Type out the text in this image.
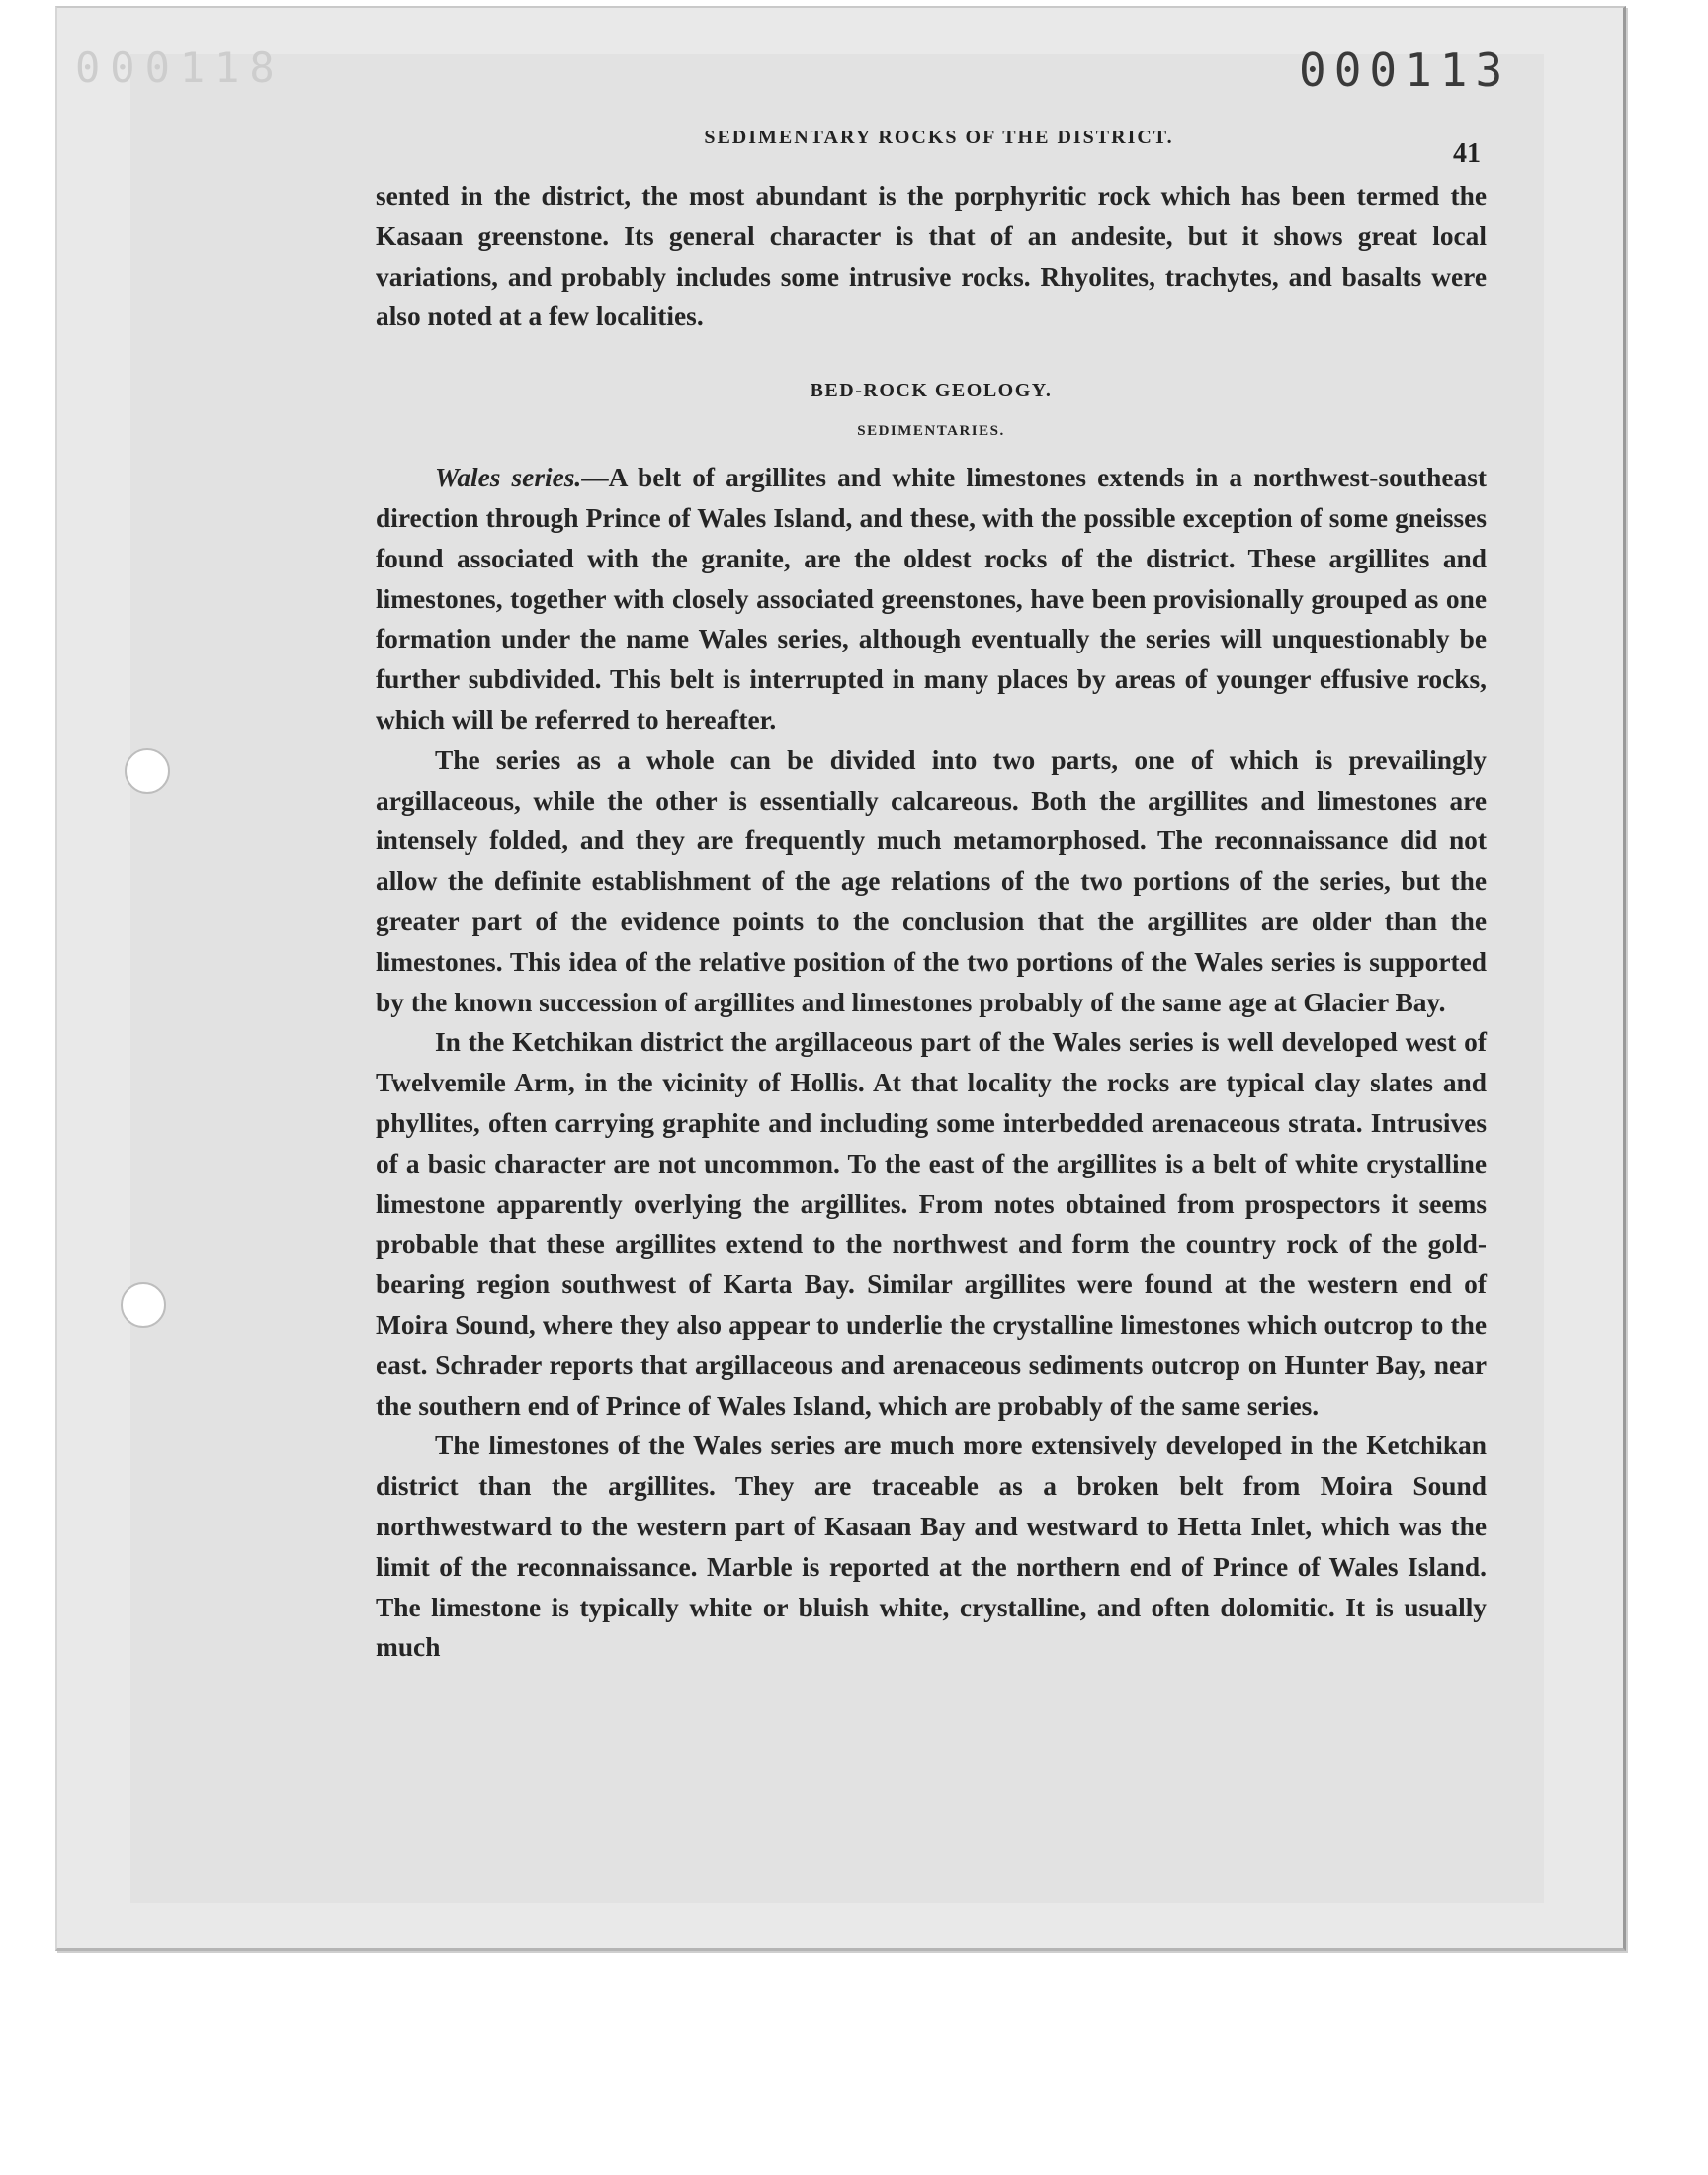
000118	000113
SEDIMENTARY ROCKS OF THE DISTRICT.
41

sented in the district, the most abundant is the porphyritic rock which has been termed the Kasaan greenstone. Its general character is that of an andesite, but it shows great local variations, and probably includes some intrusive rocks. Rhyolites, trachytes, and basalts were also noted at a few localities.

BED-ROCK GEOLOGY.
SEDIMENTARIES.

Wales series.—A belt of argillites and white limestones extends in a northwest-southeast direction through Prince of Wales Island, and these, with the possible exception of some gneisses found associated with the granite, are the oldest rocks of the district. These argillites and limestones, together with closely associated greenstones, have been provisionally grouped as one formation under the name Wales series, although eventually the series will unquestionably be further subdivided. This belt is interrupted in many places by areas of younger effusive rocks, which will be referred to hereafter.

The series as a whole can be divided into two parts, one of which is prevailingly argillaceous, while the other is essentially calcareous. Both the argillites and limestones are intensely folded, and they are frequently much metamorphosed. The reconnaissance did not allow the definite establishment of the age relations of the two portions of the series, but the greater part of the evidence points to the conclusion that the argillites are older than the limestones. This idea of the relative position of the two portions of the Wales series is supported by the known succession of argillites and limestones probably of the same age at Glacier Bay.

In the Ketchikan district the argillaceous part of the Wales series is well developed west of Twelvemile Arm, in the vicinity of Hollis. At that locality the rocks are typical clay slates and phyllites, often carrying graphite and including some interbedded arenaceous strata. Intrusives of a basic character are not uncommon. To the east of the argillites is a belt of white crystalline limestone apparently overlying the argillites. From notes obtained from prospectors it seems probable that these argillites extend to the northwest and form the country rock of the gold-bearing region southwest of Karta Bay. Similar argillites were found at the western end of Moira Sound, where they also appear to underlie the crystalline limestones which outcrop to the east. Schrader reports that argillaceous and arenaceous sediments outcrop on Hunter Bay, near the southern end of Prince of Wales Island, which are probably of the same series.

The limestones of the Wales series are much more extensively developed in the Ketchikan district than the argillites. They are traceable as a broken belt from Moira Sound northwestward to the western part of Kasaan Bay and westward to Hetta Inlet, which was the limit of the reconnaissance. Marble is reported at the northern end of Prince of Wales Island. The limestone is typically white or bluish white, crystalline, and often dolomitic. It is usually much
